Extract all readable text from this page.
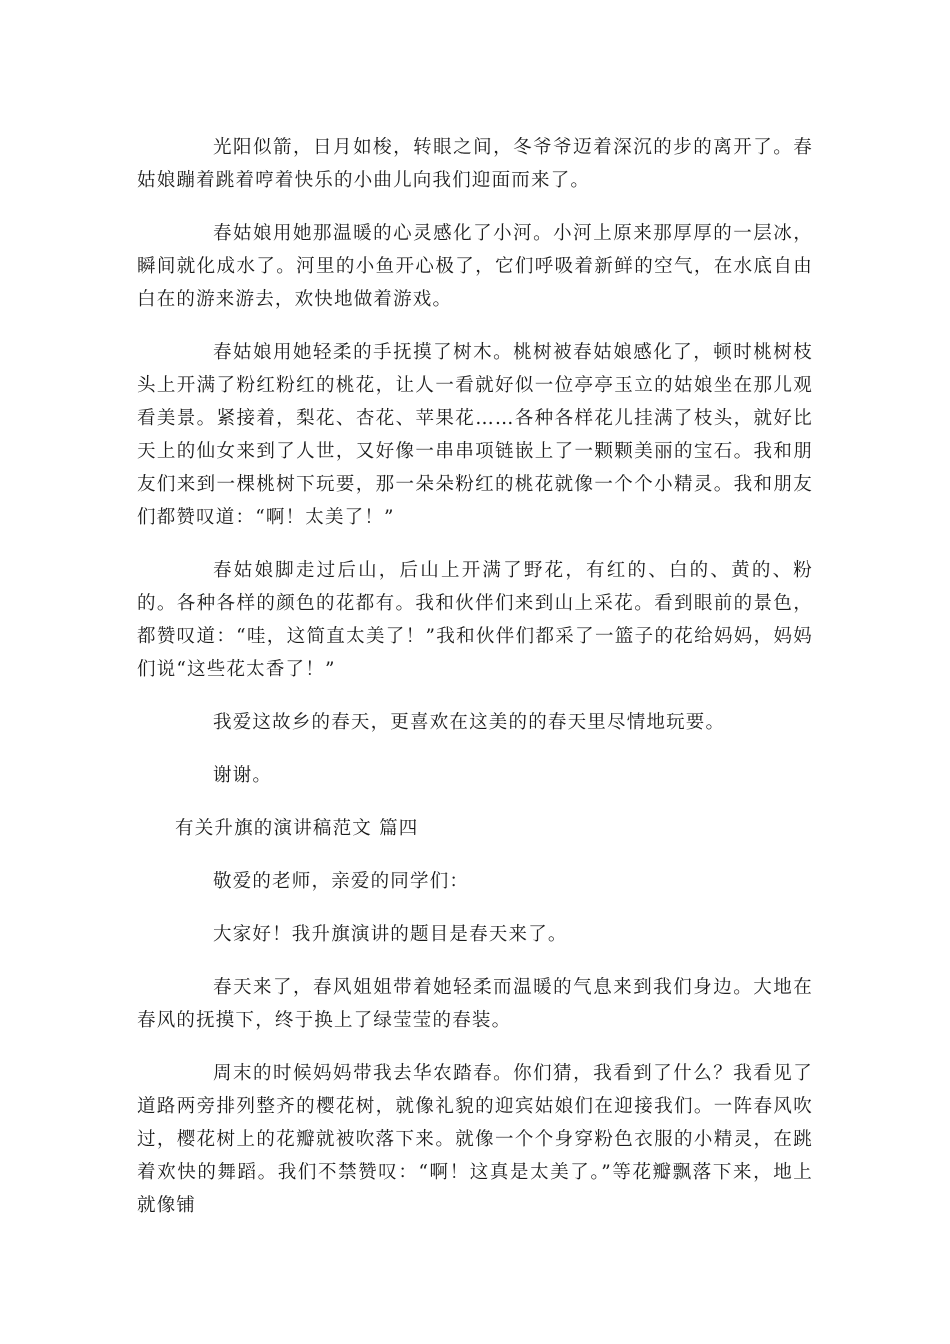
光阳似箭，日月如梭，转眼之间，冬爷爷迈着深沉的步的离开了。春姑娘蹦着跳着哼着快乐的小曲儿向我们迎面而来了。

春姑娘用她那温暖的心灵感化了小河。小河上原来那厚厚的一层冰，瞬间就化成水了。河里的小鱼开心极了，它们呼吸着新鲜的空气，在水底自由白在的游来游去，欢快地做着游戏。

春姑娘用她轻柔的手抚摸了树木。桃树被春姑娘感化了，顿时桃树枝头上开满了粉红粉红的桃花，让人一看就好似一位亭亭玉立的姑娘坐在那儿观看美景。紧接着，梨花、杏花、苹果花……各种各样花儿挂满了枝头，就好比天上的仙女来到了人世，又好像一串串项链嵌上了一颗颗美丽的宝石。我和朋友们来到一棵桃树下玩要，那一朵朵粉红的桃花就像一个个小精灵。我和朋友们都赞叹道：“啊！太美了！”

春姑娘脚走过后山，后山上开满了野花，有红的、白的、黄的、粉的。各种各样的颜色的花都有。我和伙伴们来到山上采花。看到眼前的景色，都赞叹道：“哇，这简直太美了！”我和伙伴们都采了一篮子的花给妈妈，妈妈们说“这些花太香了！”

我爱这故乡的春天，更喜欢在这美的的春天里尽情地玩要。

谢谢。

有关升旗的演讲稿范文 篇四

敬爱的老师，亲爱的同学们：

大家好！我升旗演讲的题目是春天来了。

春天来了，春风姐姐带着她轻柔而温暖的气息来到我们身边。大地在春风的抚摸下，终于换上了绿莹莹的春装。

周末的时候妈妈带我去华农踏春。你们猜，我看到了什么？我看见了道路两旁排列整齐的樱花树，就像礼貌的迎宾姑娘们在迎接我们。一阵春风吹过，樱花树上的花瓣就被吹落下来。就像一个个身穿粉色衣服的小精灵，在跳着欢快的舞蹈。我们不禁赞叹：“啊！这真是太美了。”等花瓣飘落下来，地上就像铺
